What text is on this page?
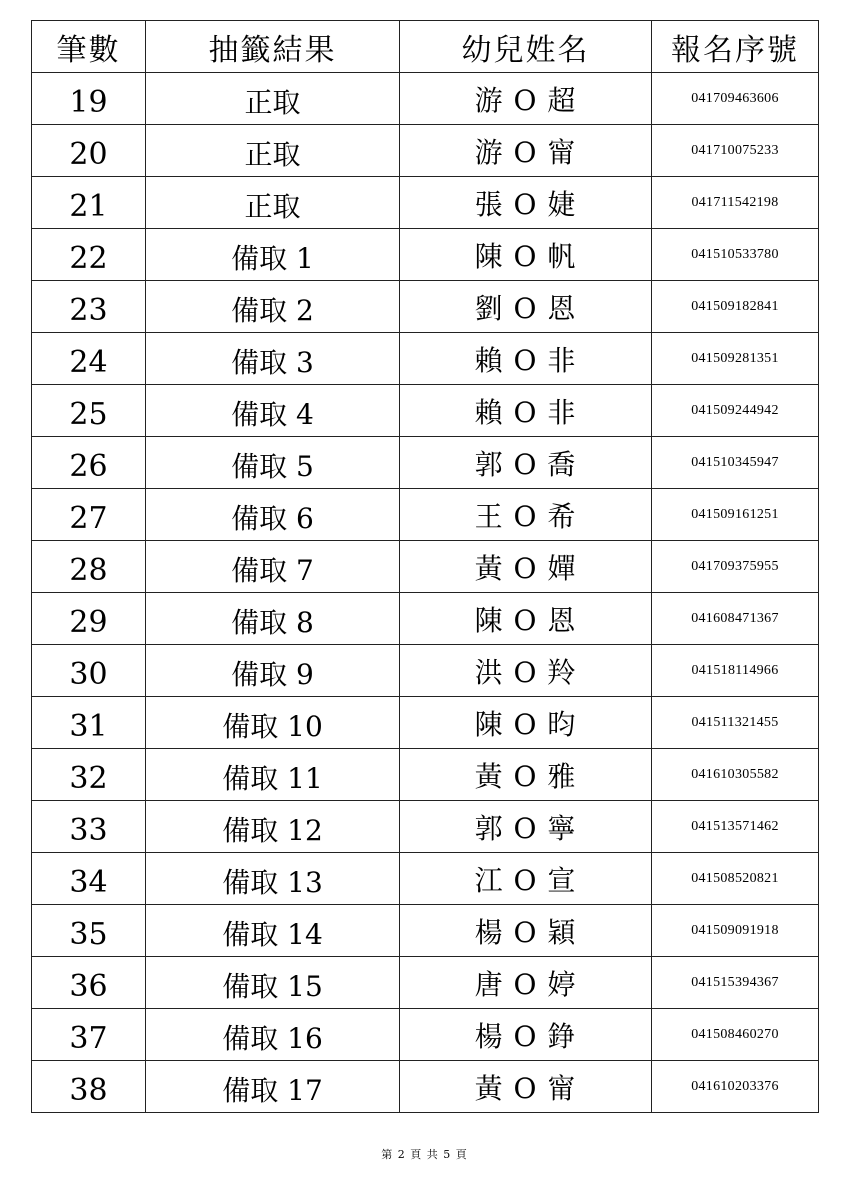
筆數	抽籤結果	幼兒姓名	報名序號
19	正取	游 O 超	041709463606
20	正取	游 O 甯	041710075233
21	正取	張 O 婕	041711542198
22	備取 1	陳 O 帆	041510533780
23	備取 2	劉 O 恩	041509182841
24	備取 3	賴 O 非	041509281351
25	備取 4	賴 O 非	041509244942
26	備取 5	郭 O 喬	041510345947
27	備取 6	王 O 希	041509161251
28	備取 7	黃 O 嬋	041709375955
29	備取 8	陳 O 恩	041608471367
30	備取 9	洪 O 羚	041518114966
31	備取 10	陳 O 昀	041511321455
32	備取 11	黃 O 雅	041610305582
33	備取 12	郭 O 寧	041513571462
34	備取 13	江 O 宣	041508520821
35	備取 14	楊 O 穎	041509091918
36	備取 15	唐 O 婷	041515394367
37	備取 16	楊 O 錚	041508460270
38	備取 17	黃 O 甯	041610203376
第 2 頁 共 5 頁
